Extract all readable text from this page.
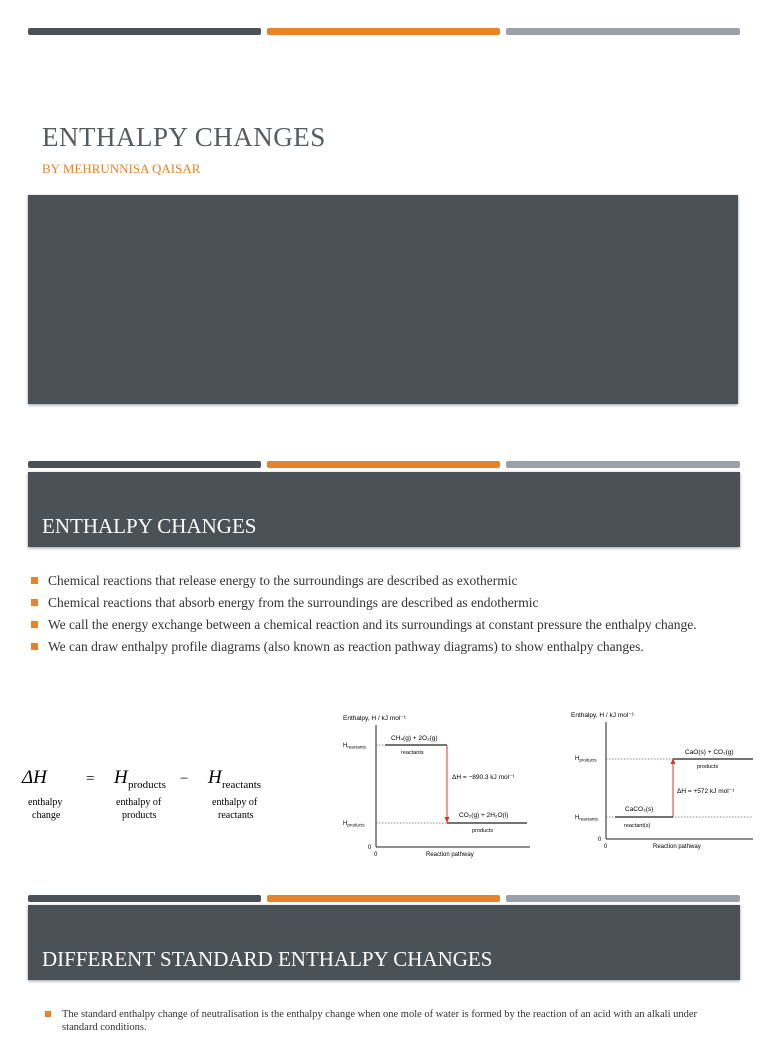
ENTHALPY CHANGES
BY MEHRUNNISA QAISAR
ENTHALPY CHANGES
Chemical reactions that release energy to the surroundings are described as exothermic
Chemical reactions that absorb energy from the surroundings are described as endothermic
We call the energy exchange between a chemical reaction and its surroundings at constant pressure the enthalpy change.
We can draw enthalpy profile diagrams (also known as reaction pathway diagrams) to show enthalpy changes.
ΔH	= H products − H reactants
enthalpy
change
enthalpy of
products
enthalpy of
reactants
Enthalpy, H / kJ mol⁻¹
$H_{reactants}$
CH₄(g) + 2O₂(g)
reactants
ΔH = −890.3 kJ mol⁻¹
$H_{products}$
CO₂(g) + 2H₂O(l)
products
0
0	Reaction pathway
Enthalpy, H / kJ mol⁻¹
$H_{products}$
CaO(s) + CO₂(g)
products
ΔH = +572 kJ mol⁻¹
$H_{reactants}$
CaCO₃(s)
reactant(s)
0
0	Reaction pathway
DIFFERENT STANDARD ENTHALPY CHANGES
The standard enthalpy change of neutralisation is the enthalpy change when one mole of water is formed by the reaction of an acid with an alkali under standard conditions.
